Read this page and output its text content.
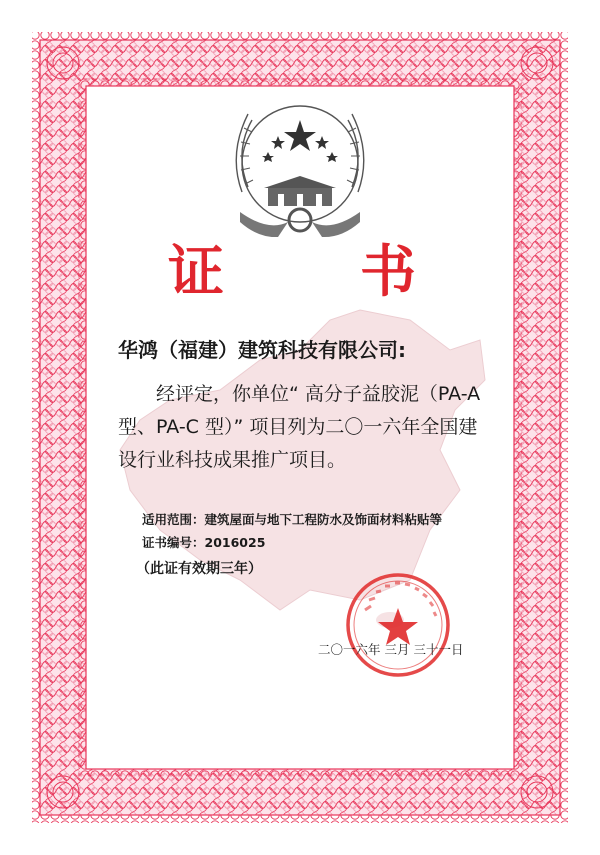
证 书
华鸿（福建）建筑科技有限公司:
经评定，你单位“ 高分子益胶泥（PA-A
型、PA-C 型）” 项目列为二〇一六年全国建
设行业科技成果推广项目。
适用范围：建筑屋面与地下工程防水及饰面材料粘贴等
证书编号：2016025
（此证有效期三年）
二〇一六年 三月 三十一日
